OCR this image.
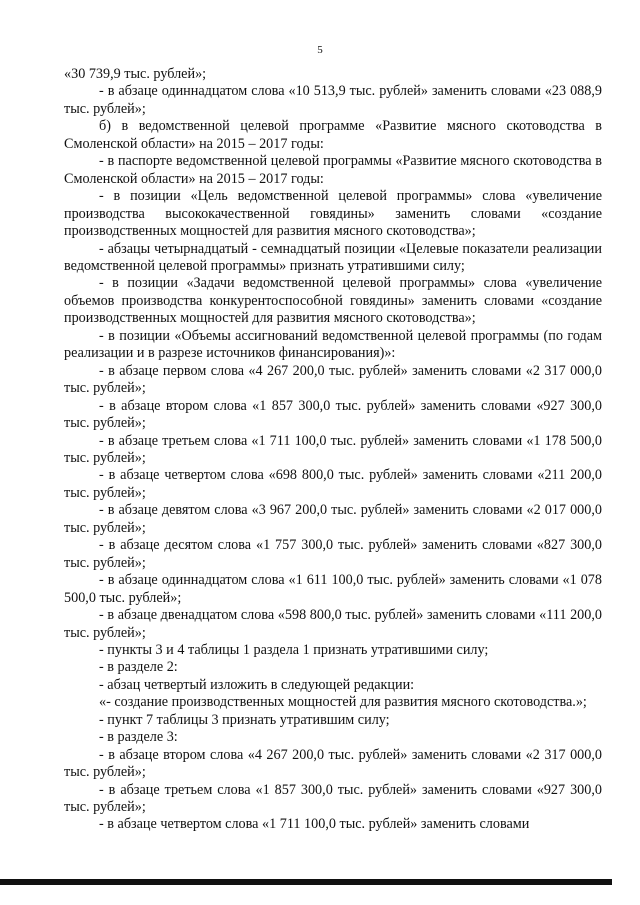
5

«30 739,9 тыс. рублей»;

- в абзаце одиннадцатом слова «10 513,9 тыс. рублей» заменить словами «23 088,9 тыс. рублей»;

б) в ведомственной целевой программе «Развитие мясного скотоводства в Смоленской области» на 2015 – 2017 годы:

- в паспорте ведомственной целевой программы «Развитие мясного скотоводства в Смоленской области» на 2015 – 2017 годы:

- в позиции «Цель ведомственной целевой программы» слова «увеличение производства высококачественной говядины» заменить словами «создание производственных мощностей для развития мясного скотоводства»;

- абзацы четырнадцатый - семнадцатый позиции «Целевые показатели реализации ведомственной целевой программы» признать утратившими силу;

- в позиции «Задачи ведомственной целевой программы» слова «увеличение объемов производства конкурентоспособной говядины» заменить словами «создание производственных мощностей для развития мясного скотоводства»;

- в позиции «Объемы ассигнований ведомственной целевой программы (по годам реализации и в разрезе источников финансирования)»:

- в абзаце первом слова «4 267 200,0 тыс. рублей» заменить словами «2 317 000,0 тыс. рублей»;

- в абзаце втором слова «1 857 300,0 тыс. рублей» заменить словами «927 300,0 тыс. рублей»;

- в абзаце третьем слова «1 711 100,0 тыс. рублей» заменить словами «1 178 500,0 тыс. рублей»;

- в абзаце четвертом слова «698 800,0 тыс. рублей» заменить словами «211 200,0 тыс. рублей»;

- в абзаце девятом слова «3 967 200,0 тыс. рублей» заменить словами «2 017 000,0 тыс. рублей»;

- в абзаце десятом слова «1 757 300,0 тыс. рублей» заменить словами «827 300,0 тыс. рублей»;

- в абзаце одиннадцатом слова «1 611 100,0 тыс. рублей» заменить словами «1 078 500,0 тыс. рублей»;

- в абзаце двенадцатом слова «598 800,0 тыс. рублей» заменить словами «111 200,0 тыс. рублей»;

- пункты 3 и 4 таблицы 1 раздела 1 признать утратившими силу;

- в разделе 2:

- абзац четвертый изложить в следующей редакции:

«- создание производственных мощностей для развития мясного скотоводства.»;

- пункт 7 таблицы 3 признать утратившим силу;

- в разделе 3:

- в абзаце втором слова «4 267 200,0 тыс. рублей» заменить словами «2 317 000,0 тыс. рублей»;

- в абзаце третьем слова «1 857 300,0 тыс. рублей» заменить словами «927 300,0 тыс. рублей»;

- в абзаце четвертом слова «1 711 100,0 тыс. рублей» заменить словами
